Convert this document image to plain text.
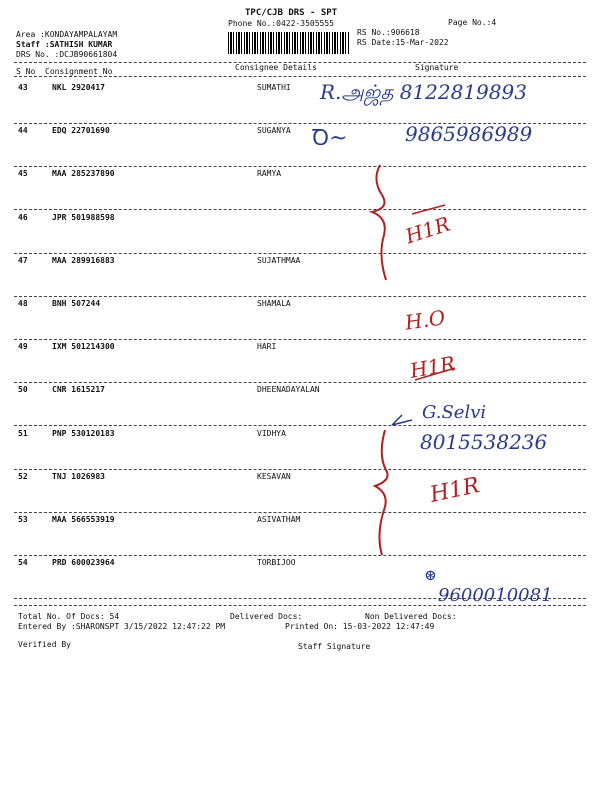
TPC/CJB DRS - SPT
Phone No.:0422-3505555
Area :KONDAYAMPALAYAM
Staff :SATHISH KUMAR
DRS No. :DCJB90661804
RS No.:906618
RS Date:15-Mar-2022
Page No.:4
S No Consignment No	Consignee Details	Signature
43	NKL 2920417	SUMATHI
44	EDQ 22701690	SUGANYA
45	MAA 285237890	RAMYA
46	JPR 501988598
47	MAA 289916883	SUJATHMAA
48	BNH 507244	SHAMALA
49	IXM 501214300	HARI
50	CNR 1615217	DHEENADAYALAN
51	PNP 530120183	VIDHYA
52	TNJ 1026983	KESAVAN
53	MAA 566553919	ASIVATHAM
54	PRD 600023964	TORBIJOO
R.அஜ்த 8122819893
Ꝺ~	9865986989
H1R
H.O
H1R
G.Selvi
8015538236
H1R
⊛
9600010081
Total No. Of Docs: 54	Delivered Docs:	Non Delivered Docs:
Entered By :SHARONSPT 3/15/2022 12:47:22 PM	Printed On: 15-03-2022 12:47:49
Verified By	Staff Signature
